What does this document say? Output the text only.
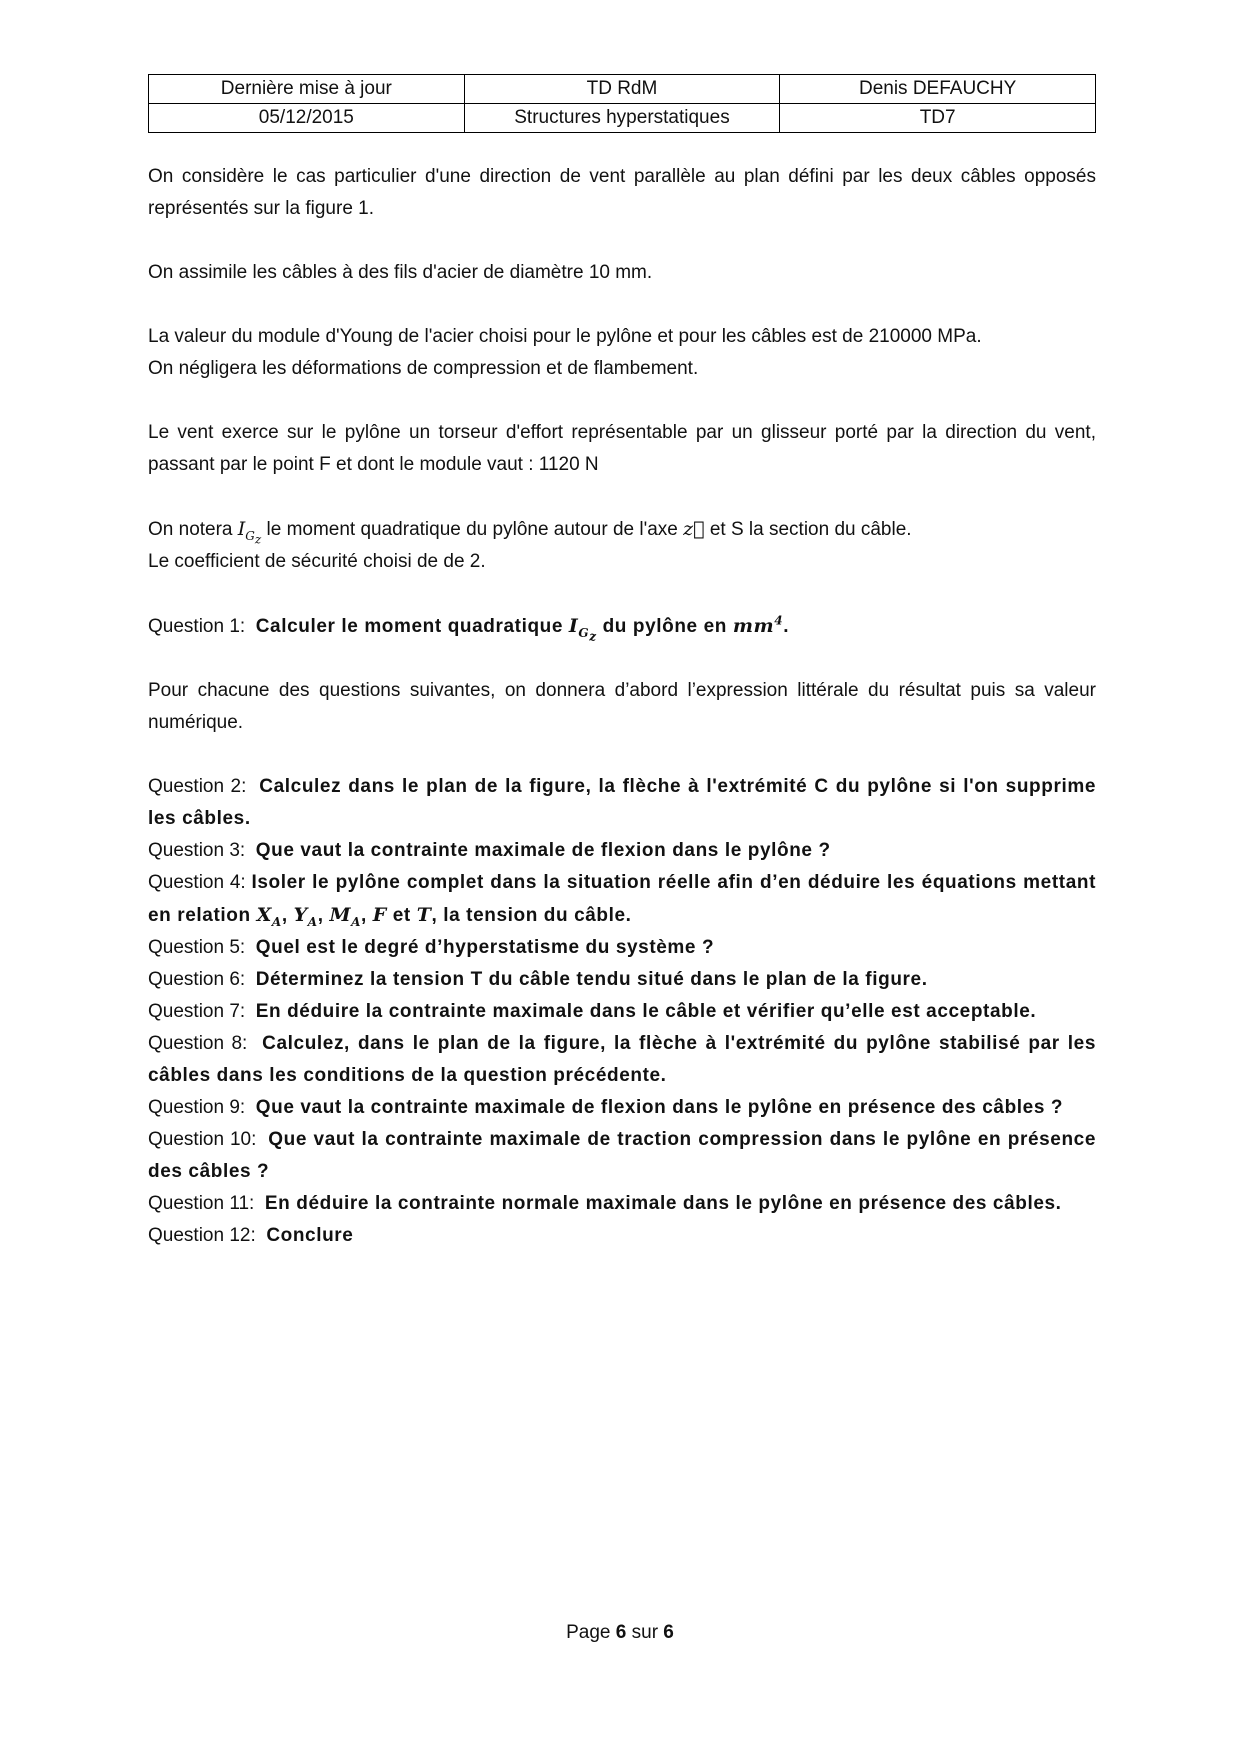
Dernière mise à jour	TD RdM	Denis DEFAUCHY
05/12/2015	Structures hyperstatiques	TD7

On considère le cas particulier d'une direction de vent parallèle au plan défini par les deux câbles opposés représentés sur la figure 1.

On assimile les câbles à des fils d'acier de diamètre 10 mm.

La valeur du module d'Young de l'acier choisi pour le pylône et pour les câbles est de 210000 MPa.

On négligera les déformations de compression et de flambement.

Le vent exerce sur le pylône un torseur d'effort représentable par un glisseur porté par la direction du vent, passant par le point F et dont le module vaut : 1120 N

On notera $I_{G_z}$ le moment quadratique du pylône autour de l'axe z et S la section du câble.

Le coefficient de sécurité choisi de de 2.

Question 1: Calculer le moment quadratique $I_{G_z}$ du pylône en $mm^4$.

Pour chacune des questions suivantes, on donnera d’abord l’expression littérale du résultat puis sa valeur numérique.

Question 2: Calculez dans le plan de la figure, la flèche à l'extrémité C du pylône si l'on supprime les câbles.

Question 3: Que vaut la contrainte maximale de flexion dans le pylône ?

Question 4: Isoler le pylône complet dans la situation réelle afin d’en déduire les équations mettant en relation $X_A$, $Y_A$, $M_A$, F et T, la tension du câble.

Question 5: Quel est le degré d’hyperstatisme du système ?

Question 6: Déterminez la tension T du câble tendu situé dans le plan de la figure.

Question 7: En déduire la contrainte maximale dans le câble et vérifier qu’elle est acceptable.

Question 8: Calculez, dans le plan de la figure, la flèche à l'extrémité du pylône stabilisé par les câbles dans les conditions de la question précédente.

Question 9: Que vaut la contrainte maximale de flexion dans le pylône en présence des câbles ?

Question 10: Que vaut la contrainte maximale de traction compression dans le pylône en présence des câbles ?

Question 11: En déduire la contrainte normale maximale dans le pylône en présence des câbles.

Question 12: Conclure

Page 6 sur 6
